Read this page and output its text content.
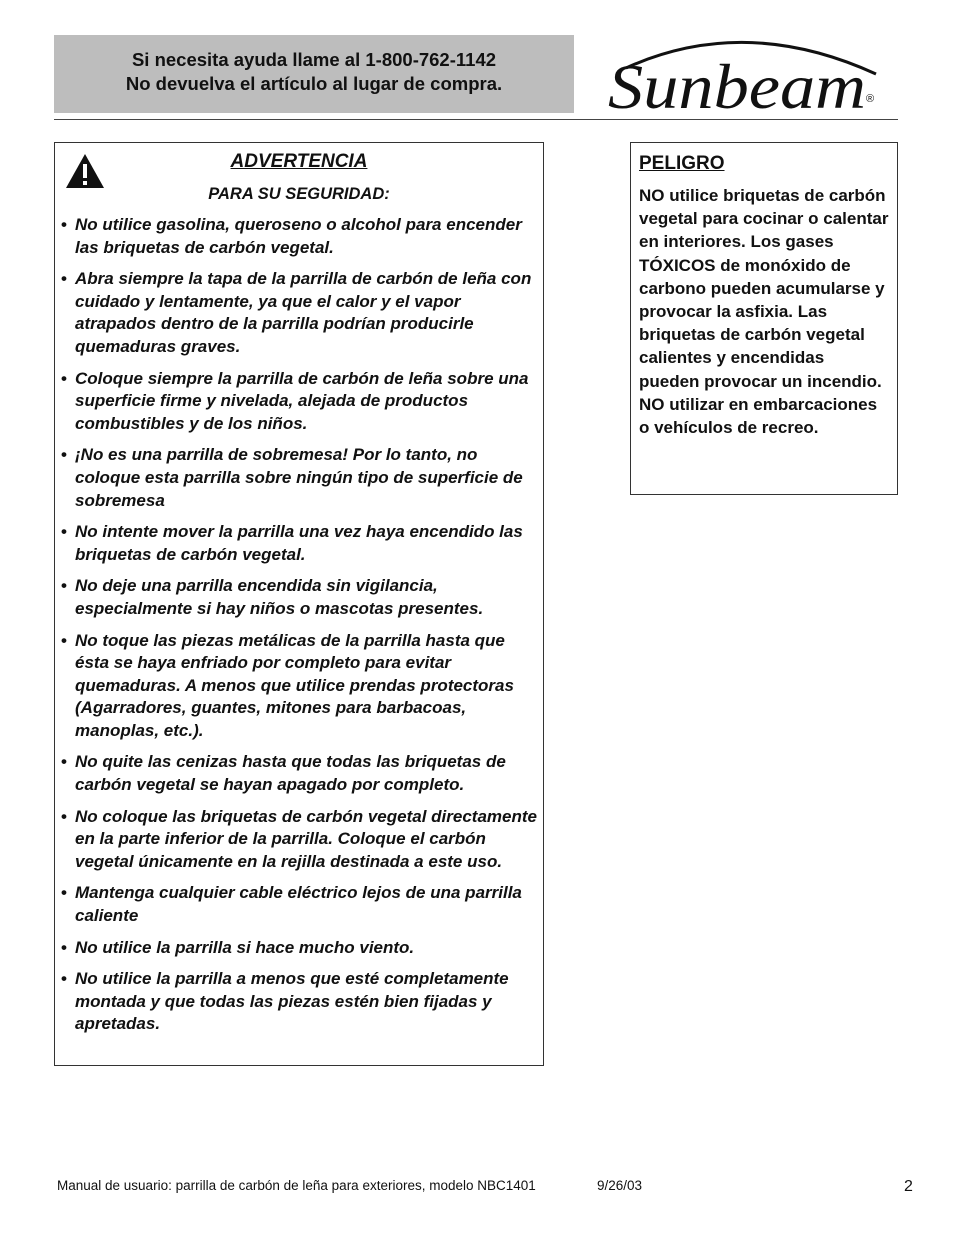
Si necesita ayuda llame al 1-800-762-1142
No devuelva el artículo al lugar de compra.	Sunbeam ®
ADVERTENCIA
PARA SU SEGURIDAD:
• No utilice gasolina, queroseno o alcohol para encender las briquetas de carbón vegetal.
• Abra siempre la tapa de la parrilla de carbón de leña con cuidado y lentamente, ya que el calor y el vapor atrapados dentro de la parrilla podrían producirle quemaduras graves.
• Coloque siempre la parrilla de carbón de leña sobre una superficie firme y nivelada, alejada de productos combustibles y de los niños.
• ¡No es una parrilla de sobremesa! Por lo tanto, no coloque esta parrilla sobre ningún tipo de superficie de sobremesa
• No intente mover la parrilla una vez haya encendido las briquetas de carbón vegetal.
• No deje una parrilla encendida sin vigilancia, especialmente si hay niños o mascotas presentes.
• No toque las piezas metálicas de la parrilla hasta que ésta se haya enfriado por completo para evitar quemaduras. A menos que utilice prendas protectoras (Agarradores, guantes, mitones para barbacoas, manoplas, etc.).
• No quite las cenizas hasta que todas las briquetas de carbón vegetal se hayan apagado por completo.
• No coloque las briquetas de carbón vegetal directamente en la parte inferior de la parrilla. Coloque el carbón vegetal únicamente en la rejilla destinada a este uso.
• Mantenga cualquier cable eléctrico lejos de una parrilla caliente
• No utilice la parrilla si hace mucho viento.
• No utilice la parrilla a menos que esté completamente montada y que todas las piezas estén bien fijadas y apretadas.
PELIGRO
NO utilice briquetas de carbón vegetal para cocinar o calentar en interiores. Los gases TÓXICOS de monóxido de carbono pueden acumularse y provocar la asfixia. Las briquetas de carbón vegetal calientes y encendidas pueden provocar un incendio. NO utilizar en embarcaciones o vehículos de recreo.
Manual de usuario: parrilla de carbón de leña para exteriores, modelo NBC1401	9/26/03	2
